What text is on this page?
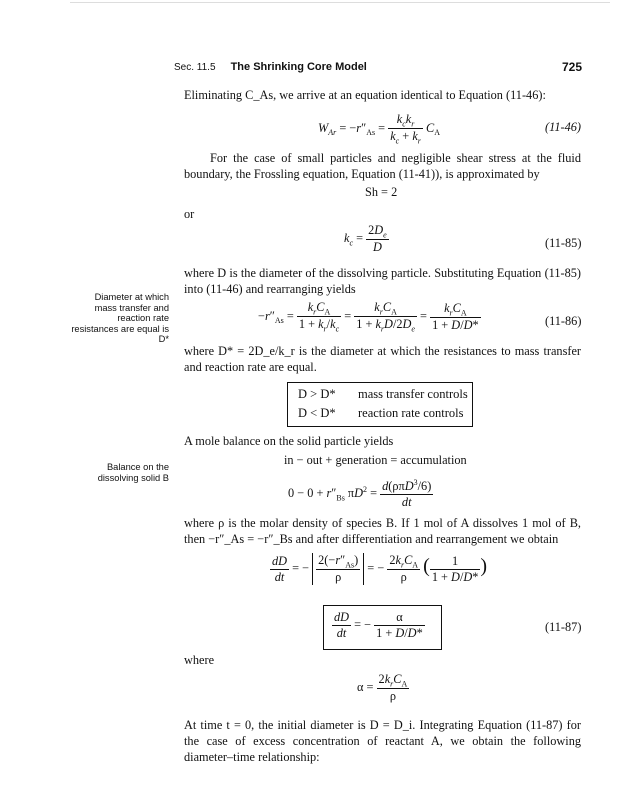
Sec. 11.5 The Shrinking Core Model	725
Eliminating C_As, we arrive at an equation identical to Equation (11-46):
$W_{Ar} = -r''_{As} = \frac{k_ck_r}{k_c + k_r} C_A$	(11-46)
For the case of small particles and negligible shear stress at the fluid boundary, the Frossling equation, Equation (11-41)), is approximated by
Sh = 2
or
$k_c = \frac{2D_e}{D}$	(11-85)
where D is the diameter of the dissolving particle. Substituting Equation (11-85) into (11-46) and rearranging yields
Diameter at which mass transfer and reaction rate resistances are equal is D*
$-r''_{As} = \frac{k_rC_A}{1 + k_r/k_c} = \frac{k_rC_A}{1 + k_rD/2D_e} = \frac{k_rC_A}{1 + D/D*}$	(11-86)
where D* = 2D_e/k_r is the diameter at which the resistances to mass transfer and reaction rate are equal.
D > D* mass transfer controls
D < D* reaction rate controls
A mole balance on the solid particle yields
in − out + generation = accumulation
Balance on the dissolving solid B
$0 - 0 + r''_{Bs}$ $\pi D^2 = \frac{d(\rho\pi D^3/6)}{dt}$
where ρ is the molar density of species B. If 1 mol of A dissolves 1 mol of B, then −r″_As = −r″_Bs and after differentiation and rearrangement we obtain
$\frac{dD}{dt}$ = − $\frac{2(-r''_{As})}{\rho}$ = − $\frac{2k_rC_A}{\rho}$ ( $\frac{1}{1 + D/D*}$ )
$\frac{dD}{dt}$ = − $\frac{\alpha}{1 + D/D*}$	(11-87)
where
$\alpha = \frac{2k_rC_A}{\rho}$
At time t = 0, the initial diameter is D = D_i. Integrating Equation (11-87) for the case of excess concentration of reactant A, we obtain the following diameter–time relationship:
